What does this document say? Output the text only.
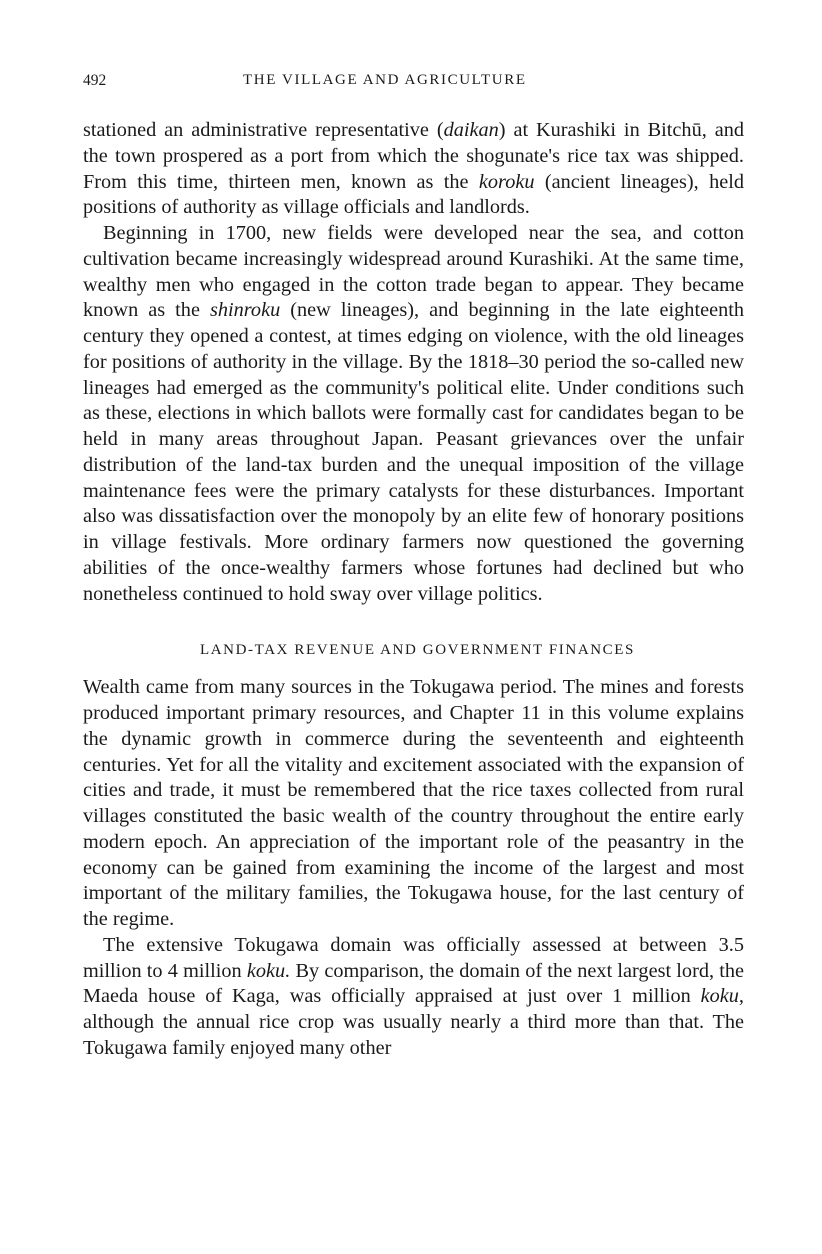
492	THE VILLAGE AND AGRICULTURE

stationed an administrative representative (daikan) at Kurashiki in Bitchū, and the town prospered as a port from which the shogunate's rice tax was shipped. From this time, thirteen men, known as the koroku (ancient lineages), held positions of authority as village officials and landlords.

Beginning in 1700, new fields were developed near the sea, and cotton cultivation became increasingly widespread around Kurashiki. At the same time, wealthy men who engaged in the cotton trade began to appear. They became known as the shinroku (new lineages), and beginning in the late eighteenth century they opened a contest, at times edging on violence, with the old lineages for positions of authority in the village. By the 1818–30 period the so-called new lineages had emerged as the community's political elite. Under conditions such as these, elections in which ballots were formally cast for candidates began to be held in many areas throughout Japan. Peasant grievances over the unfair distribution of the land-tax burden and the unequal imposition of the village maintenance fees were the primary catalysts for these disturbances. Important also was dissatisfaction over the monopoly by an elite few of honorary positions in village festivals. More ordinary farmers now questioned the governing abilities of the once-wealthy farmers whose fortunes had declined but who nonetheless continued to hold sway over village politics.

LAND-TAX REVENUE AND GOVERNMENT FINANCES

Wealth came from many sources in the Tokugawa period. The mines and forests produced important primary resources, and Chapter 11 in this volume explains the dynamic growth in commerce during the seventeenth and eighteenth centuries. Yet for all the vitality and excitement associated with the expansion of cities and trade, it must be remembered that the rice taxes collected from rural villages constituted the basic wealth of the country throughout the entire early modern epoch. An appreciation of the important role of the peasantry in the economy can be gained from examining the income of the largest and most important of the military families, the Tokugawa house, for the last century of the regime.

The extensive Tokugawa domain was officially assessed at between 3.5 million to 4 million koku. By comparison, the domain of the next largest lord, the Maeda house of Kaga, was officially appraised at just over 1 million koku, although the annual rice crop was usually nearly a third more than that. The Tokugawa family enjoyed many other
